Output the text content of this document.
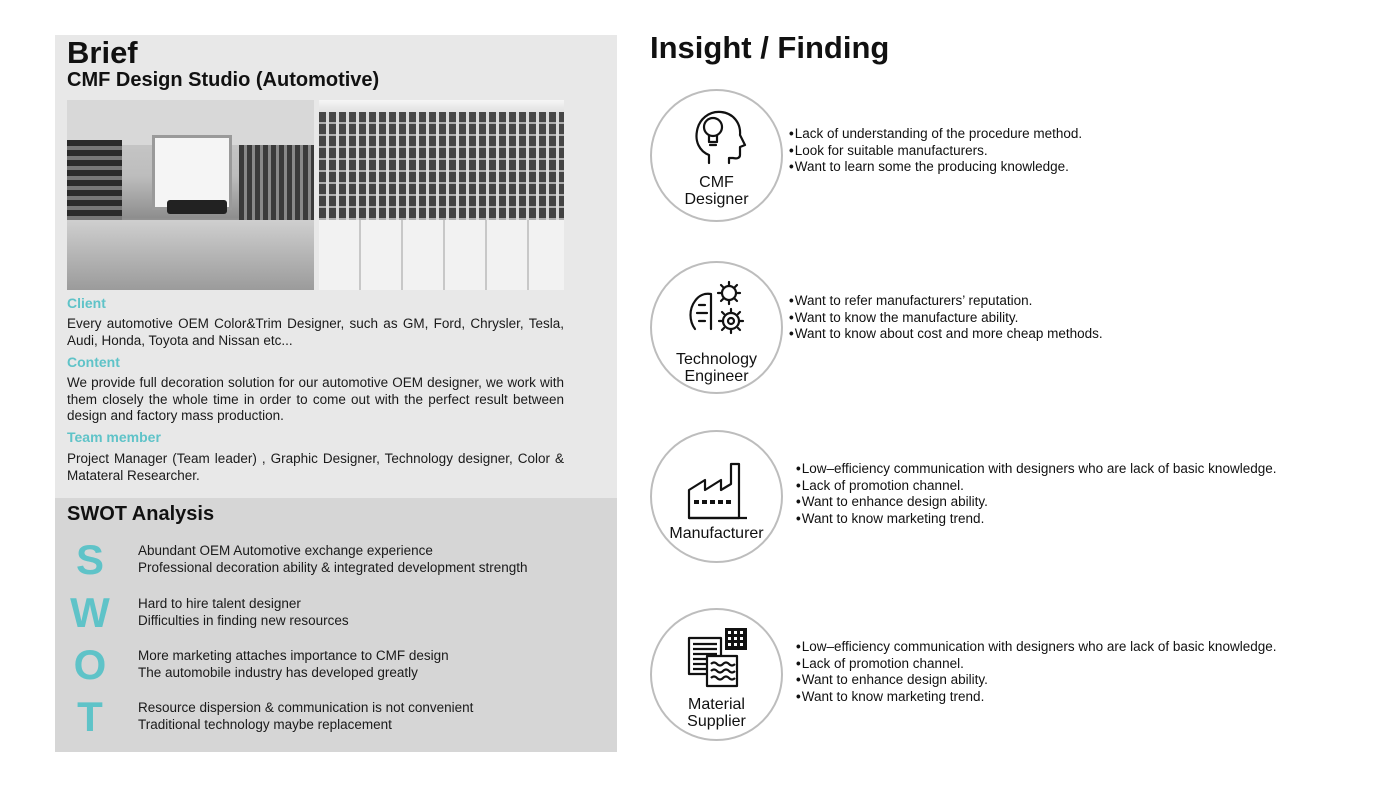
Brief
CMF Design Studio (Automotive)
Client
Every automotive OEM Color&Trim Designer, such as GM, Ford, Chrysler, Tesla, Audi, Honda, Toyota and Nissan etc...
Content
We provide full decoration solution for our automotive OEM designer, we work with them closely the whole time in order to come out with the perfect result between design and factory mass production.
Team member
Project Manager (Team leader) , Graphic Designer, Technology designer, Color & Matateral Researcher.
SWOT Analysis
S	Abundant OEM Automotive exchange experience
Professional decoration ability & integrated development strength
W Hard to hire talent designer
Difficulties in finding new resources
O More marketing attaches importance to CMF design
The automobile industry has developed greatly
T	Resource dispersion & communication is not convenient
Traditional technology maybe replacement
Insight / Finding
CMF
Designer
• Lack of understanding of the procedure method.
• Look for suitable manufacturers.
• Want to learn some the producing knowledge.
Technology
Engineer
• Want to refer manufacturers’ reputation.
• Want to know the manufacture ability.
• Want to know about cost and more cheap methods.
Manufacturer
• Low–efficiency communication with designers who are lack of basic knowledge.
• Lack of promotion channel.
• Want to enhance design ability.
• Want to know marketing trend.
Material
Supplier
• Low–efficiency communication with designers who are lack of basic knowledge.
• Lack of promotion channel.
• Want to enhance design ability.
• Want to know marketing trend.
